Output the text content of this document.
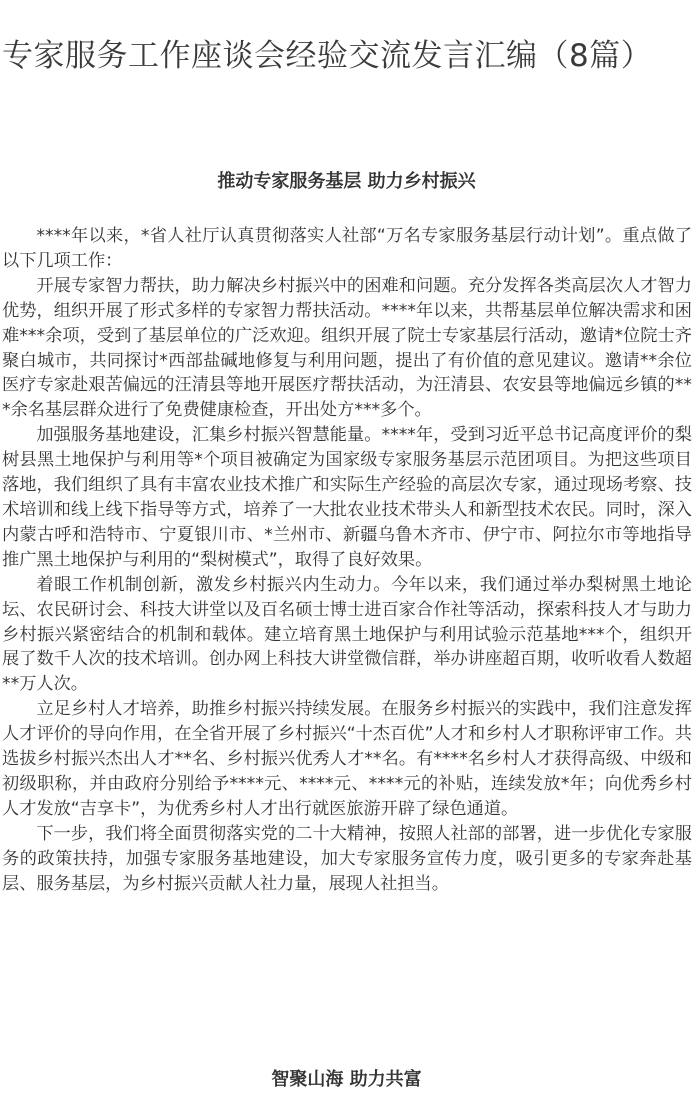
专家服务工作座谈会经验交流发言汇编（8篇）
推动专家服务基层 助力乡村振兴

****年以来，*省人社厅认真贯彻落实人社部“万名专家服务基层行动计划”。重点做了以下几项工作：

开展专家智力帮扶，助力解决乡村振兴中的困难和问题。充分发挥各类高层次人才智力优势，组织开展了形式多样的专家智力帮扶活动。****年以来，共帮基层单位解决需求和困难***余项，受到了基层单位的广泛欢迎。组织开展了院士专家基层行活动，邀请*位院士齐聚白城市，共同探讨*西部盐碱地修复与利用问题，提出了有价值的意见建议。邀请**余位医疗专家赴艰苦偏远的汪清县等地开展医疗帮扶活动，为汪清县、农安县等地偏远乡镇的***余名基层群众进行了免费健康检查，开出处方***多个。

加强服务基地建设，汇集乡村振兴智慧能量。****年，受到习近平总书记高度评价的梨树县黑土地保护与利用等*个项目被确定为国家级专家服务基层示范团项目。为把这些项目落地，我们组织了具有丰富农业技术推广和实际生产经验的高层次专家，通过现场考察、技术培训和线上线下指导等方式，培养了一大批农业技术带头人和新型技术农民。同时，深入内蒙古呼和浩特市、宁夏银川市、*兰州市、新疆乌鲁木齐市、伊宁市、阿拉尔市等地指导推广黑土地保护与利用的“梨树模式”，取得了良好效果。

着眼工作机制创新，激发乡村振兴内生动力。今年以来，我们通过举办梨树黑土地论坛、农民研讨会、科技大讲堂以及百名硕士博士进百家合作社等活动，探索科技人才与助力乡村振兴紧密结合的机制和载体。建立培育黑土地保护与利用试验示范基地***个，组织开展了数千人次的技术培训。创办网上科技大讲堂微信群，举办讲座超百期，收听收看人数超**万人次。

立足乡村人才培养，助推乡村振兴持续发展。在服务乡村振兴的实践中，我们注意发挥人才评价的导向作用，在全省开展了乡村振兴“十杰百优”人才和乡村人才职称评审工作。共选拔乡村振兴杰出人才**名、乡村振兴优秀人才**名。有****名乡村人才获得高级、中级和初级职称，并由政府分别给予****元、****元、****元的补贴，连续发放*年；向优秀乡村人才发放“吉享卡”，为优秀乡村人才出行就医旅游开辟了绿色通道。

下一步，我们将全面贯彻落实党的二十大精神，按照人社部的部署，进一步优化专家服务的政策扶持，加强专家服务基地建设，加大专家服务宣传力度，吸引更多的专家奔赴基层、服务基层，为乡村振兴贡献人社力量，展现人社担当。

智聚山海 助力共富
